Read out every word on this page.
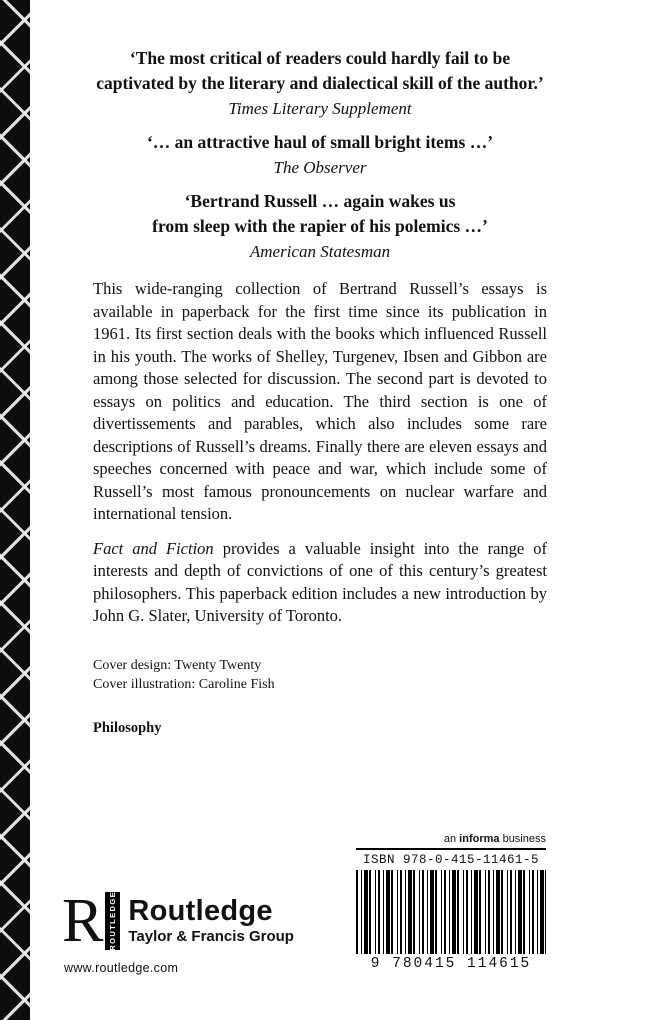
‘The most critical of readers could hardly fail to be
captivated by the literary and dialectical skill of the author.’
Times Literary Supplement
‘… an attractive haul of small bright items …’
The Observer
‘Bertrand Russell … again wakes us
from sleep with the rapier of his polemics …’
American Statesman

This wide-ranging collection of Bertrand Russell’s essays is available in paperback for the first time since its publication in 1961. Its first section deals with the books which influenced Russell in his youth. The works of Shelley, Turgenev, Ibsen and Gibbon are among those selected for discussion. The second part is devoted to essays on politics and education. The third section is one of divertissements and parables, which also includes some rare descriptions of Russell’s dreams. Finally there are eleven essays and speeches concerned with peace and war, which include some of Russell’s most famous pronouncements on nuclear warfare and international tension.

Fact and Fiction provides a valuable insight into the range of interests and depth of convictions of one of this century’s greatest philosophers. This paperback edition includes a new introduction by John G. Slater, University of Toronto.

Cover design: Twenty Twenty
Cover illustration: Caroline Fish
Philosophy
an informa business
ISBN 978-0-415-11461-5
9 780415 114615
R ROUTLEDGE Routledge
Taylor & Francis Group
www.routledge.com
